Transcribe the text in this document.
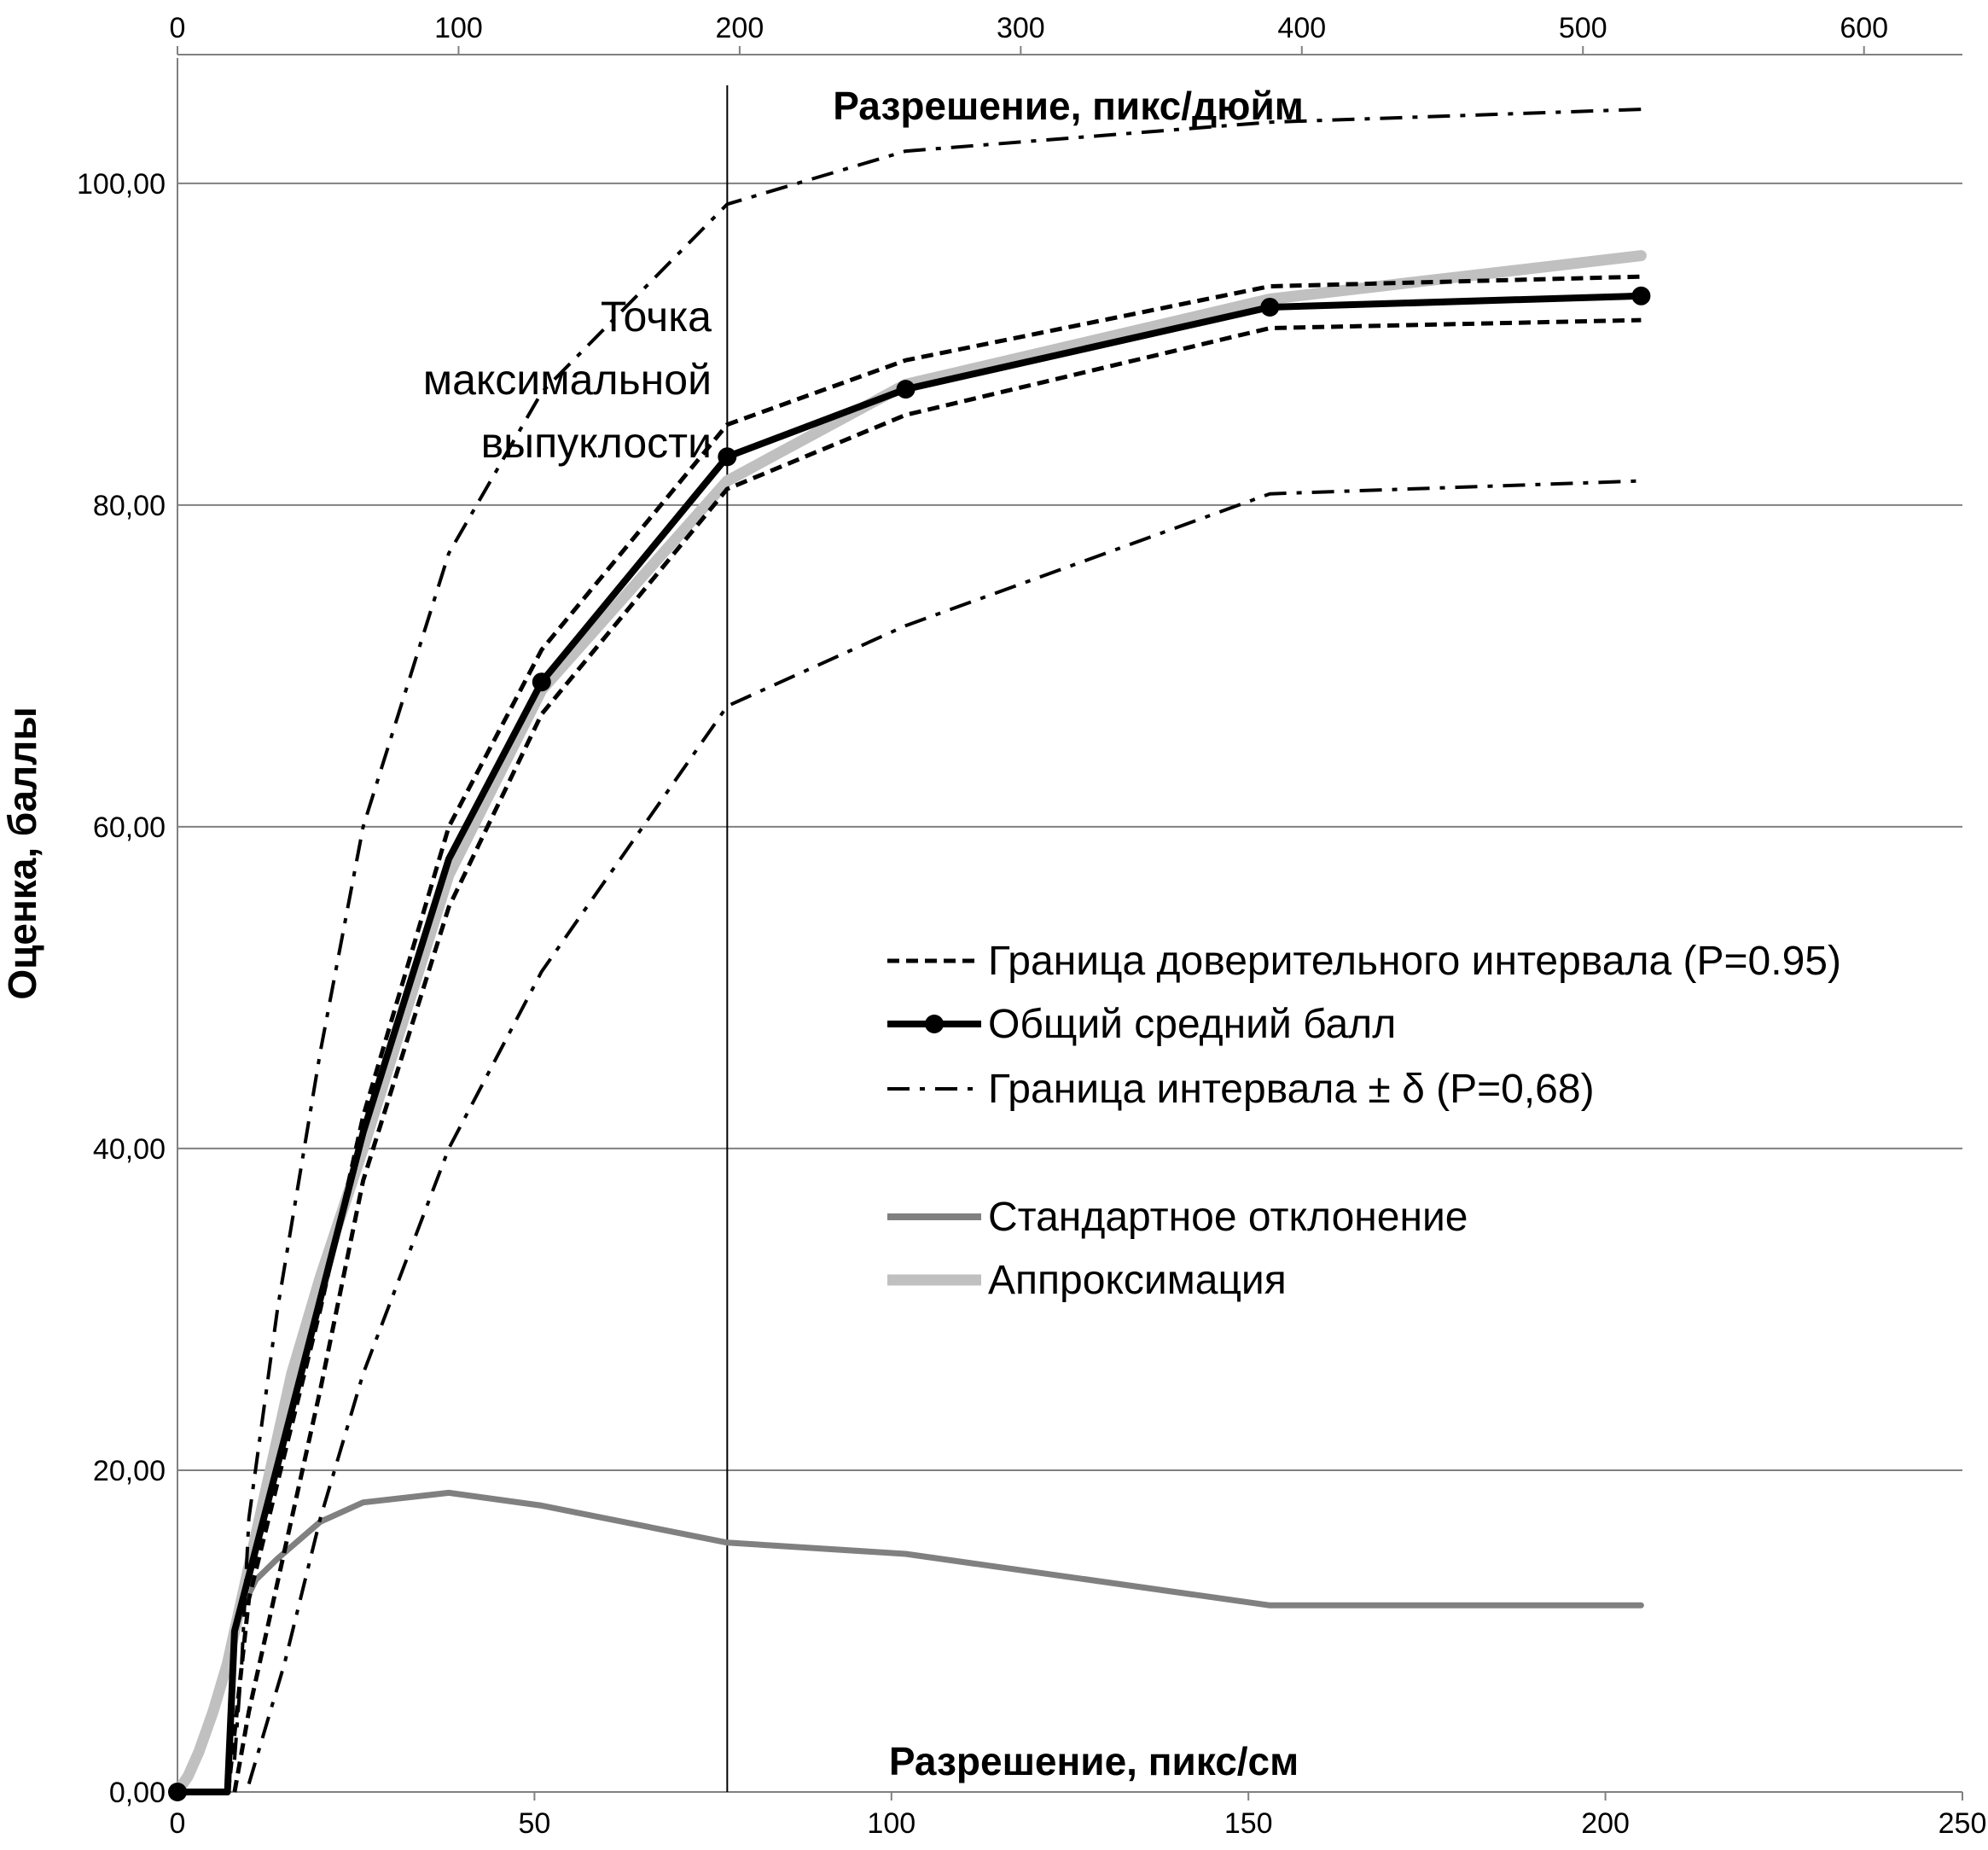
0,00
20,00
40,00
60,00
80,00
100,00
0	50	100	150	200	250
0	100	200	300	400	500	600
Разрешение, пикс/дюйм
Разрешение, пикс/см
Оценка, баллы
Точка
максимальной
выпуклости
Граница доверительного интервала (P=0.95)
Общий средний балл
Граница интервала ± δ (P=0,68)
Стандартное отклонение
Аппроксимация
